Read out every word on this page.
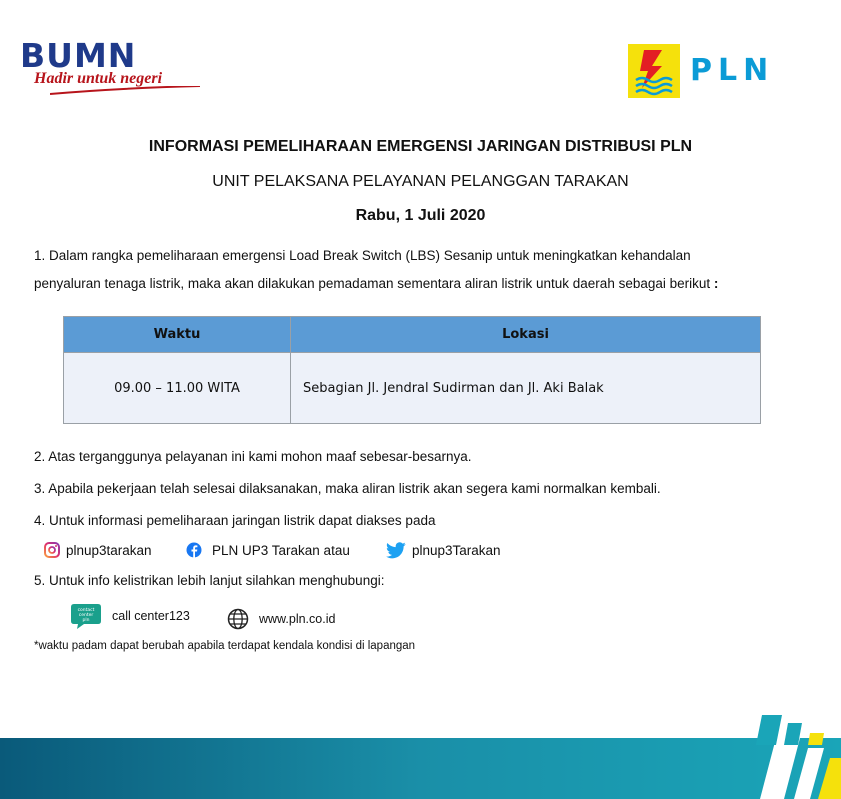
BUMN
Hadir untuk negeri	PLN
INFORMASI PEMELIHARAAN EMERGENSI JARINGAN DISTRIBUSI PLN
UNIT PELAKSANA PELAYANAN PELANGGAN TARAKAN
Rabu, 1 Juli 2020
1. Dalam rangka pemeliharaan emergensi Load Break Switch (LBS) Sesanip untuk meningkatkan kehandalan
penyaluran tenaga listrik, maka akan dilakukan pemadaman sementara aliran listrik untuk daerah sebagai berikut :
Waktu	Lokasi
09.00 – 11.00 WITA	Sebagian Jl. Jendral Sudirman dan Jl. Aki Balak
2. Atas terganggunya pelayanan ini kami mohon maaf sebesar-besarnya.
3. Apabila pekerjaan telah selesai dilaksanakan, maka aliran listrik akan segera kami normalkan kembali.
4. Untuk informasi pemeliharaan jaringan listrik dapat diakses pada
plnup3tarakan	PLN UP3 Tarakan atau	plnup3Tarakan
5. Untuk info kelistrikan lebih lanjut silahkan menghubungi:
contact
center
pln call center123	www.pln.co.id
*waktu padam dapat berubah apabila terdapat kendala kondisi di lapangan
